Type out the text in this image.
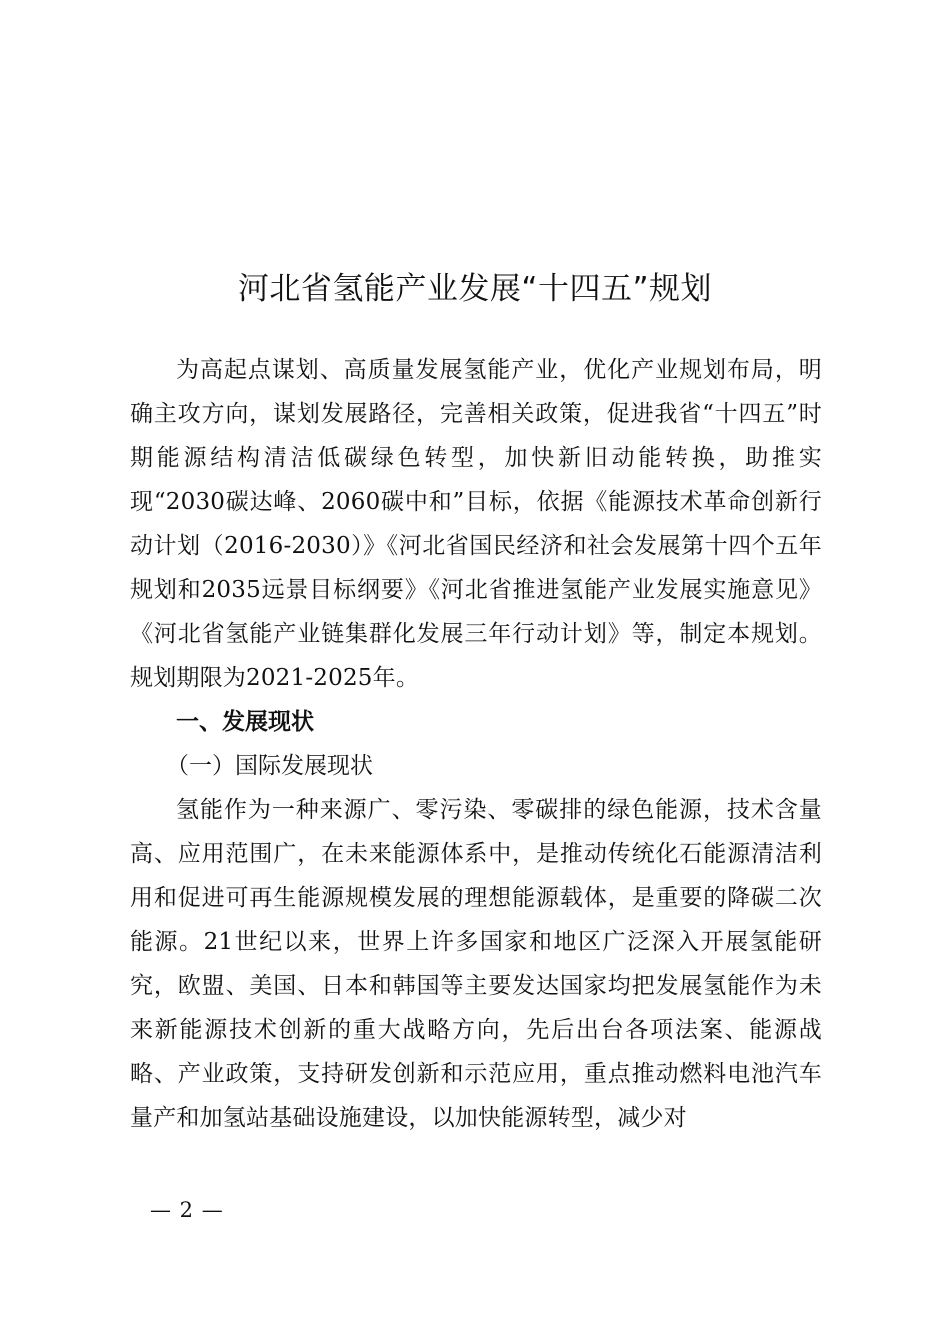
河北省氢能产业发展“十四五”规划

为高起点谋划、高质量发展氢能产业，优化产业规划布局，明确主攻方向，谋划发展路径，完善相关政策，促进我省“十四五”时期能源结构清洁低碳绿色转型，加快新旧动能转换，助推实现“2030碳达峰、2060碳中和”目标，依据《能源技术革命创新行动计划（2016-2030）》《河北省国民经济和社会发展第十四个五年规划和2035远景目标纲要》《河北省推进氢能产业发展实施意见》《河北省氢能产业链集群化发展三年行动计划》等，制定本规划。规划期限为2021-2025年。

一、发展现状

（一）国际发展现状

氢能作为一种来源广、零污染、零碳排的绿色能源，技术含量高、应用范围广，在未来能源体系中，是推动传统化石能源清洁利用和促进可再生能源规模发展的理想能源载体，是重要的降碳二次能源。21世纪以来，世界上许多国家和地区广泛深入开展氢能研究，欧盟、美国、日本和韩国等主要发达国家均把发展氢能作为未来新能源技术创新的重大战略方向，先后出台各项法案、能源战略、产业政策，支持研发创新和示范应用，重点推动燃料电池汽车量产和加氢站基础设施建设，以加快能源转型，减少对

— 2 —
